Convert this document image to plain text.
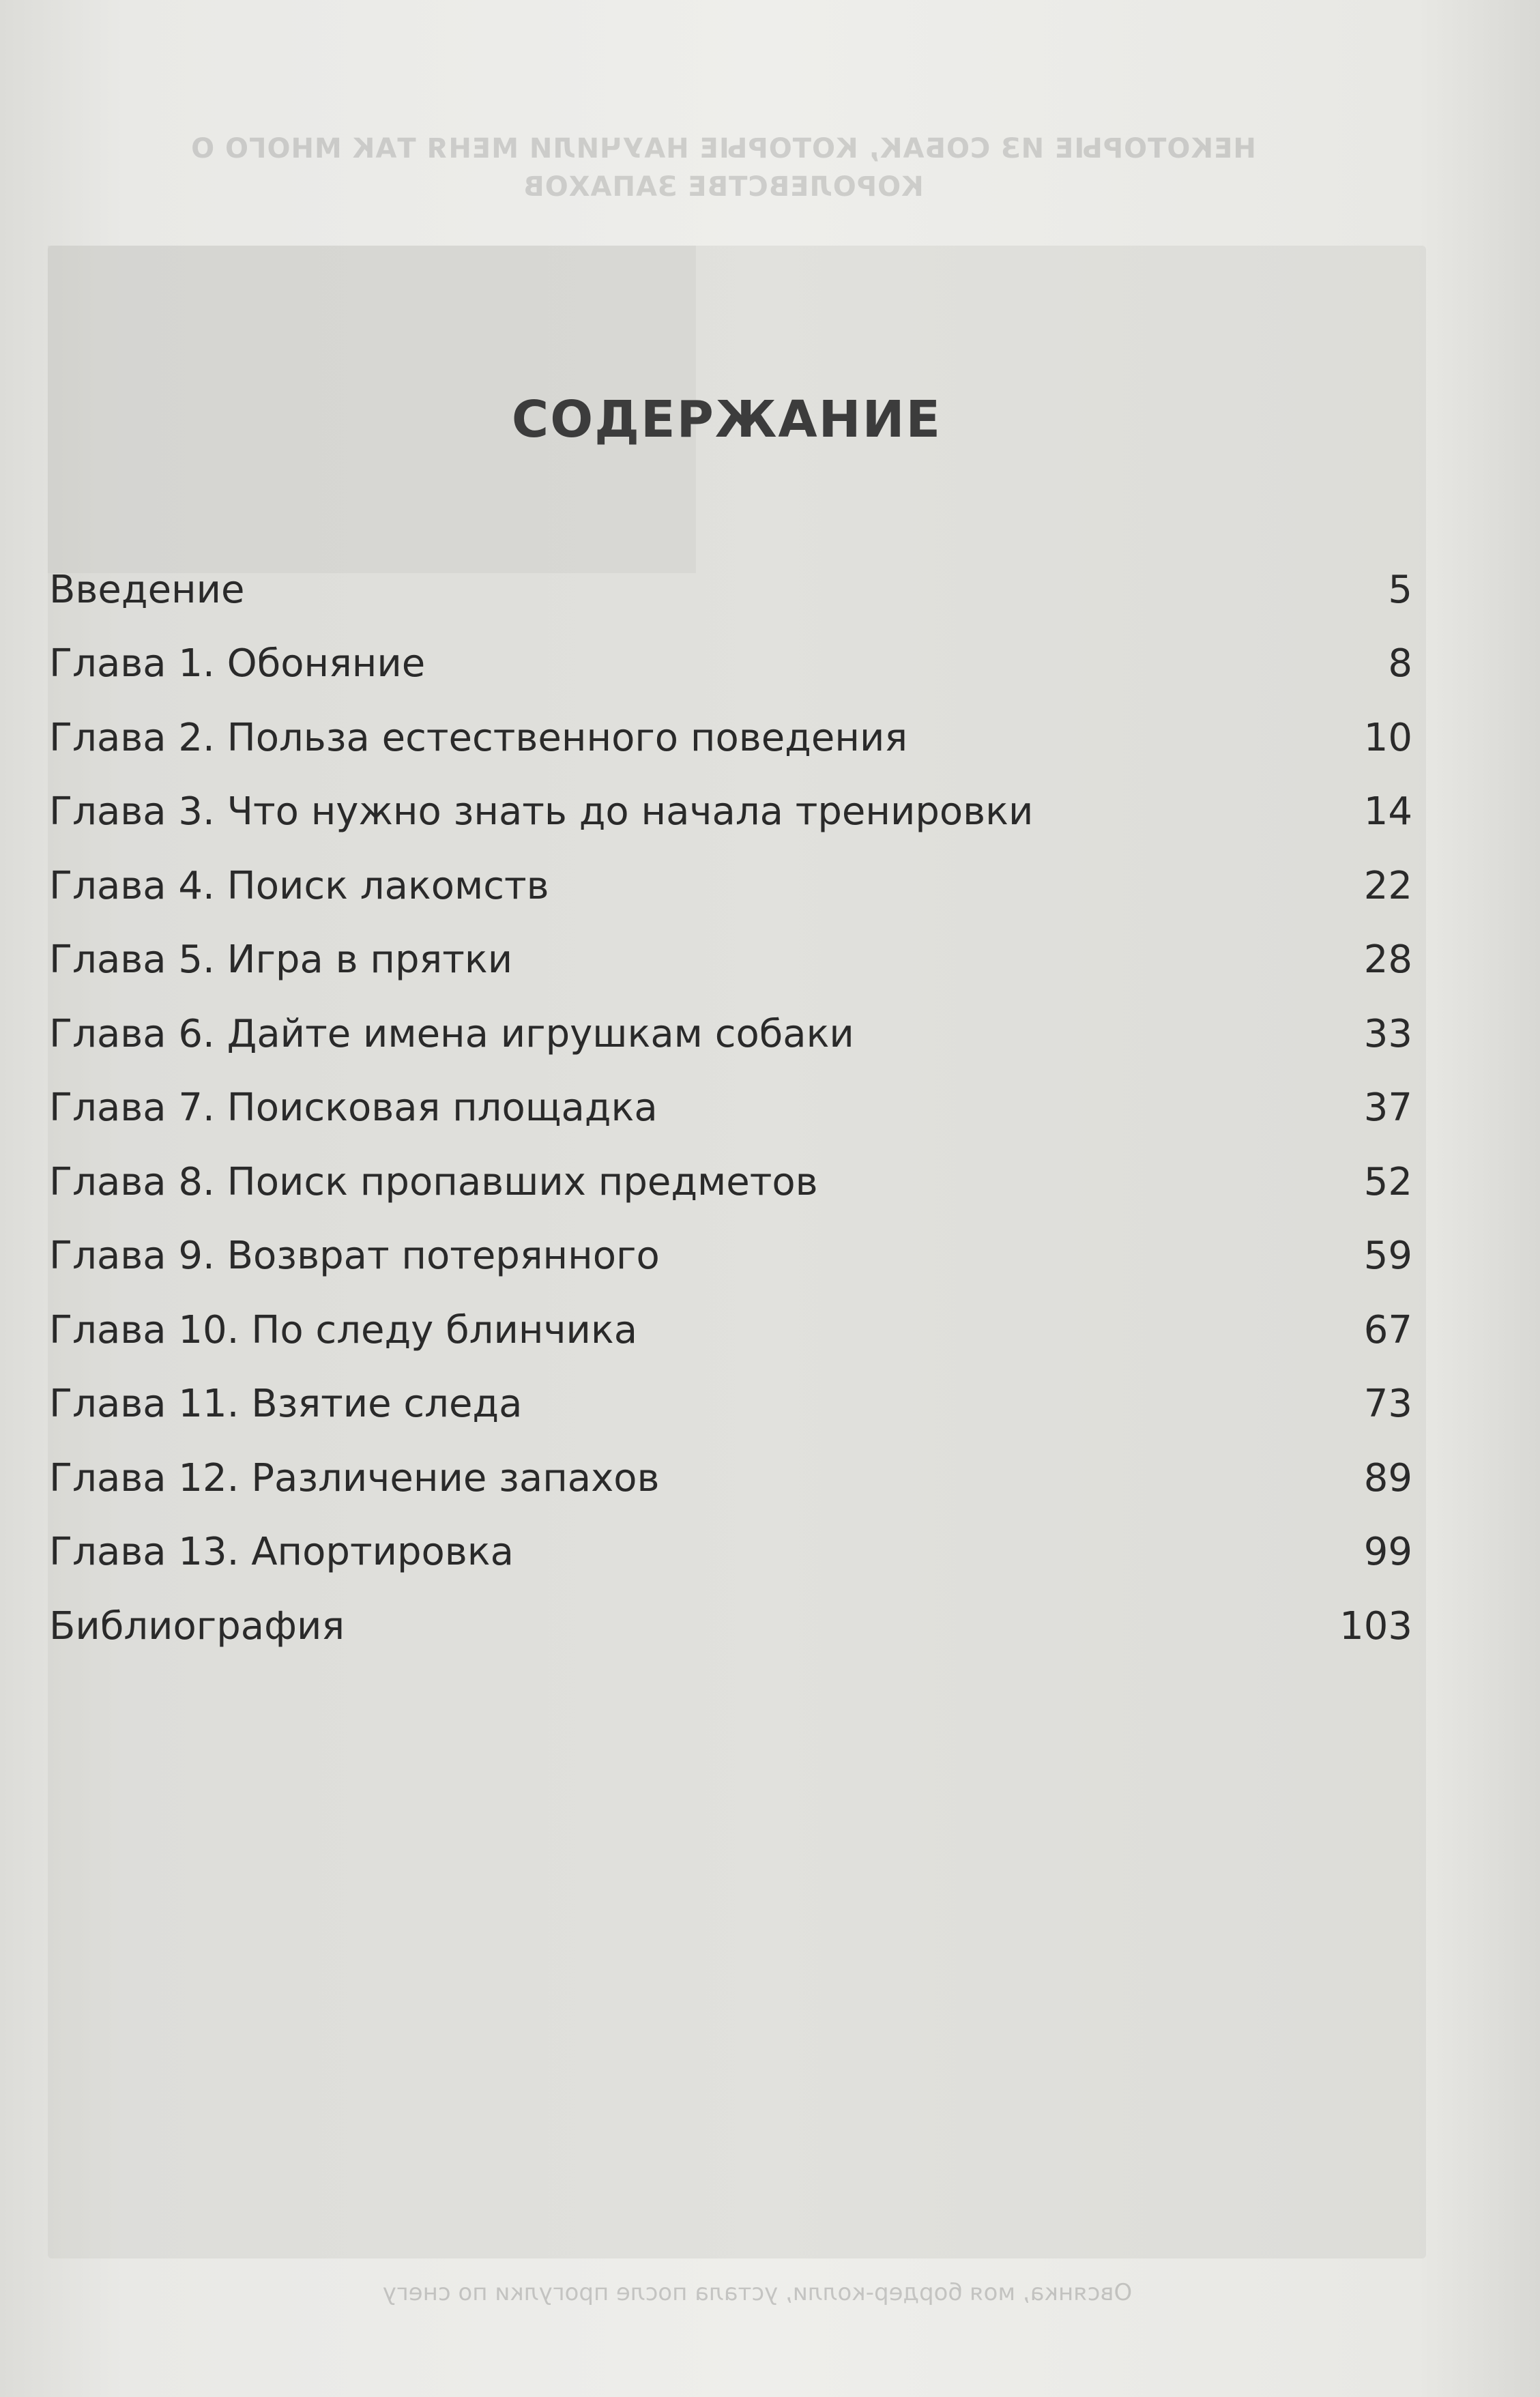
НЕКОТОРЫЕ ИЗ СОБАК, КОТОРЫЕ НАУЧИЛИ МЕНЯ ТАК МНОГО О КОРОЛЕВСТВЕ ЗАПАХОВ
Овсянка, моя бордер-колли, устала после прогулки по снегу
СОДЕРЖАНИЕ
Введение	5
Глава 1. Обоняние	8
Глава 2. Польза естественного поведения	10
Глава 3. Что нужно знать до начала тренировки	14
Глава 4. Поиск лакомств	22
Глава 5. Игра в прятки	28
Глава 6. Дайте имена игрушкам собаки	33
Глава 7. Поисковая площадка	37
Глава 8. Поиск пропавших предметов	52
Глава 9. Возврат потерянного	59
Глава 10. По следу блинчика	67
Глава 11. Взятие следа	73
Глава 12. Различение запахов	89
Глава 13. Апортировка	99
Библиография	103
